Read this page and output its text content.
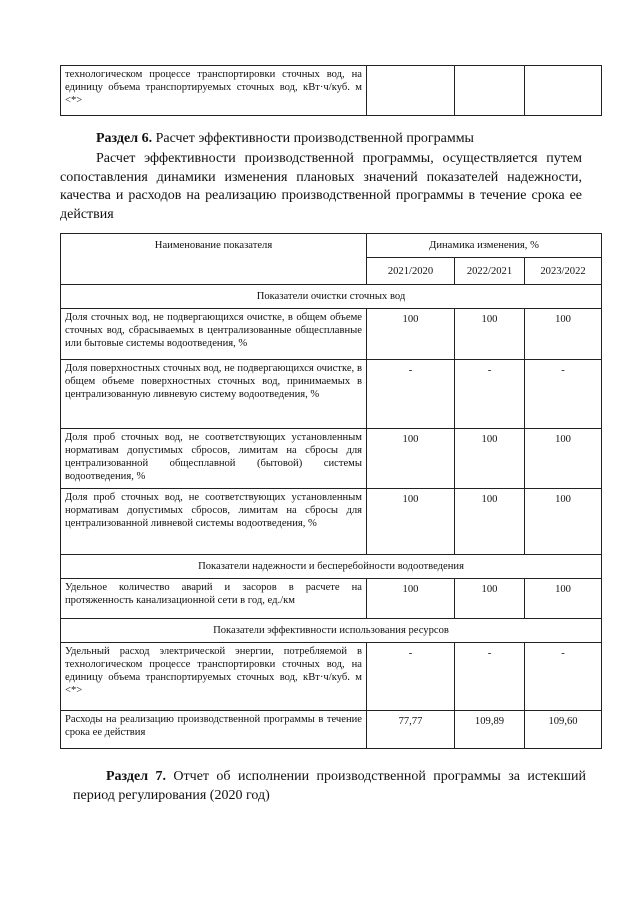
технологическом процессе транспортировки сточных вод, на единицу объема транспортируемых сточных вод, кВт·ч/куб. м <*>			
Раздел 6. Расчет эффективности производственной программы
Расчет эффективности производственной программы, осуществляется путем сопоставления динамики изменения плановых значений показателей надежности, качества и расходов на реализацию производственной программы в течение срока ее действия
Наименование показателя	Динамика изменения, %		
	2021/2020	2022/2021	2023/2022
Показатели очистки сточных вод			
Доля сточных вод, не подвергающихся очистке, в общем объеме сточных вод, сбрасываемых в централизованные общесплавные или бытовые системы водоотведения, %	100	100	100
Доля поверхностных сточных вод, не подвергающихся очистке, в общем объеме поверхностных сточных вод, принимаемых в централизованную ливневую систему водоотведения, %	-	-	-
Доля проб сточных вод, не соответствующих установленным нормативам допустимых сбросов, лимитам на сбросы для централизованной общесплавной (бытовой) системы водоотведения, %	100	100	100
Доля проб сточных вод, не соответствующих установленным нормативам допустимых сбросов, лимитам на сбросы для централизованной ливневой системы водоотведения, %	100	100	100
Показатели надежности и бесперебойности водоотведения			
Удельное количество аварий и засоров в расчете на протяженность канализационной сети в год, ед./км	100	100	100
Показатели эффективности использования ресурсов			
Удельный расход электрической энергии, потребляемой в технологическом процессе транспортировки сточных вод, на единицу объема транспортируемых сточных вод, кВт·ч/куб. м <*>	-	-	-
Расходы на реализацию производственной программы в течение срока ее действия	77,77	109,89	109,60
Раздел 7. Отчет об исполнении производственной программы за истекший период регулирования (2020 год)
